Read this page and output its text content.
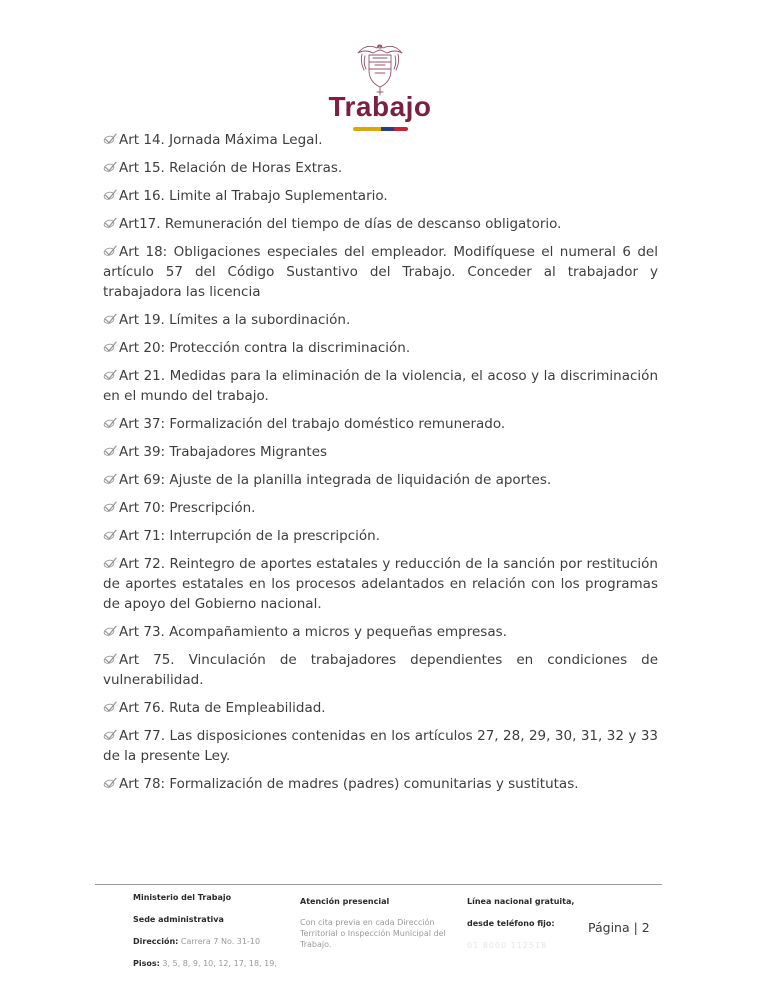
Trabajo

Art 14. Jornada Máxima Legal.

Art 15. Relación de Horas Extras.

Art 16. Limite al Trabajo Suplementario.

Art17. Remuneración del tiempo de días de descanso obligatorio.

Art 18: Obligaciones especiales del empleador. Modifíquese el numeral 6 del artículo 57 del Código Sustantivo del Trabajo. Conceder al trabajador y trabajadora las licencia

Art 19. Límites a la subordinación.

Art 20: Protección contra la discriminación.

Art 21. Medidas para la eliminación de la violencia, el acoso y la discriminación en el mundo del trabajo.

Art 37: Formalización del trabajo doméstico remunerado.

Art 39: Trabajadores Migrantes

Art 69: Ajuste de la planilla integrada de liquidación de aportes.

Art 70: Prescripción.

Art 71: Interrupción de la prescripción.

Art 72. Reintegro de aportes estatales y reducción de la sanción por restitución de aportes estatales en los procesos adelantados en relación con los programas de apoyo del Gobierno nacional.

Art 73. Acompañamiento a micros y pequeñas empresas.

Art 75. Vinculación de trabajadores dependientes en condiciones de vulnerabilidad.

Art 76. Ruta de Empleabilidad.

Art 77. Las disposiciones contenidas en los artículos 27, 28, 29, 30, 31, 32 y 33 de la presente Ley.

Art 78: Formalización de madres (padres) comunitarias y sustitutas.

Ministerio del Trabajo
Sede administrativa
Dirección: Carrera 7 No. 31-10
Pisos: 3, 5, 8, 9, 10, 12, 17, 18, 19,
Atención presencial
Con cita previa en cada Dirección Territorial o Inspección Municipal del Trabajo.
Línea nacional gratuita,
desde teléfono fijo:
01 8000 112518
Página | 2
